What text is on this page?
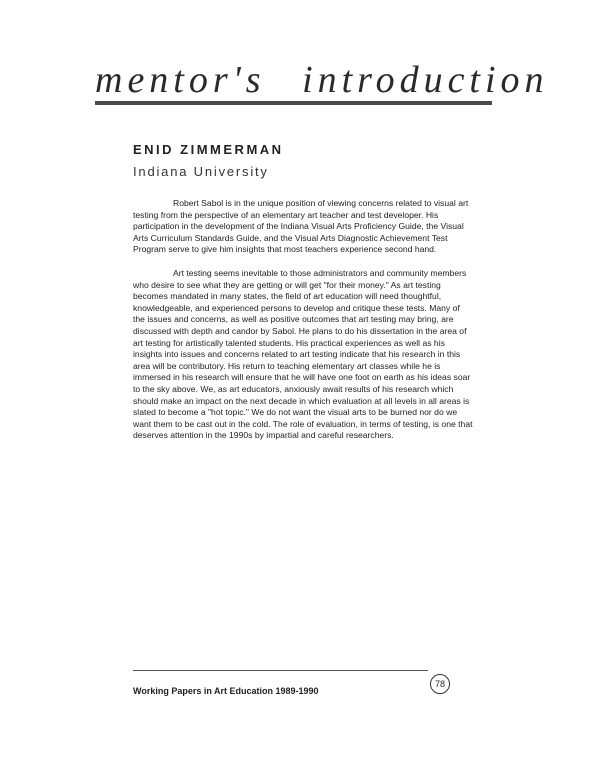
mentor's introduction
ENID ZIMMERMAN
Indiana University

Robert Sabol is in the unique position of viewing concerns related to visual art testing from the perspective of an elementary art teacher and test developer. His participation in the development of the Indiana Visual Arts Proficiency Guide, the Visual Arts Curriculum Standards Guide, and the Visual Arts Diagnostic Achievement Test Program serve to give him insights that most teachers experience second hand.

Art testing seems inevitable to those administrators and community members who desire to see what they are getting or will get "for their money." As art testing becomes mandated in many states, the field of art education will need thoughtful, knowledgeable, and experienced persons to develop and critique these tests. Many of the issues and concerns, as well as positive outcomes that art testing may bring, are discussed with depth and candor by Sabol. He plans to do his dissertation in the area of art testing for artistically talented students. His practical experiences as well as his insights into issues and concerns related to art testing indicate that his research in this area will be contributory. His return to teaching elementary art classes while he is immersed in his research will ensure that he will have one foot on earth as his ideas soar to the sky above. We, as art educators, anxiously await results of his research which should make an impact on the next decade in which evaluation at all levels in all areas is slated to become a "hot topic." We do not want the visual arts to be burned nor do we want them to be cast out in the cold. The role of evaluation, in terms of testing, is one that deserves attention in the 1990s by impartial and careful researchers.

Working Papers in Art Education 1989-1990
78
